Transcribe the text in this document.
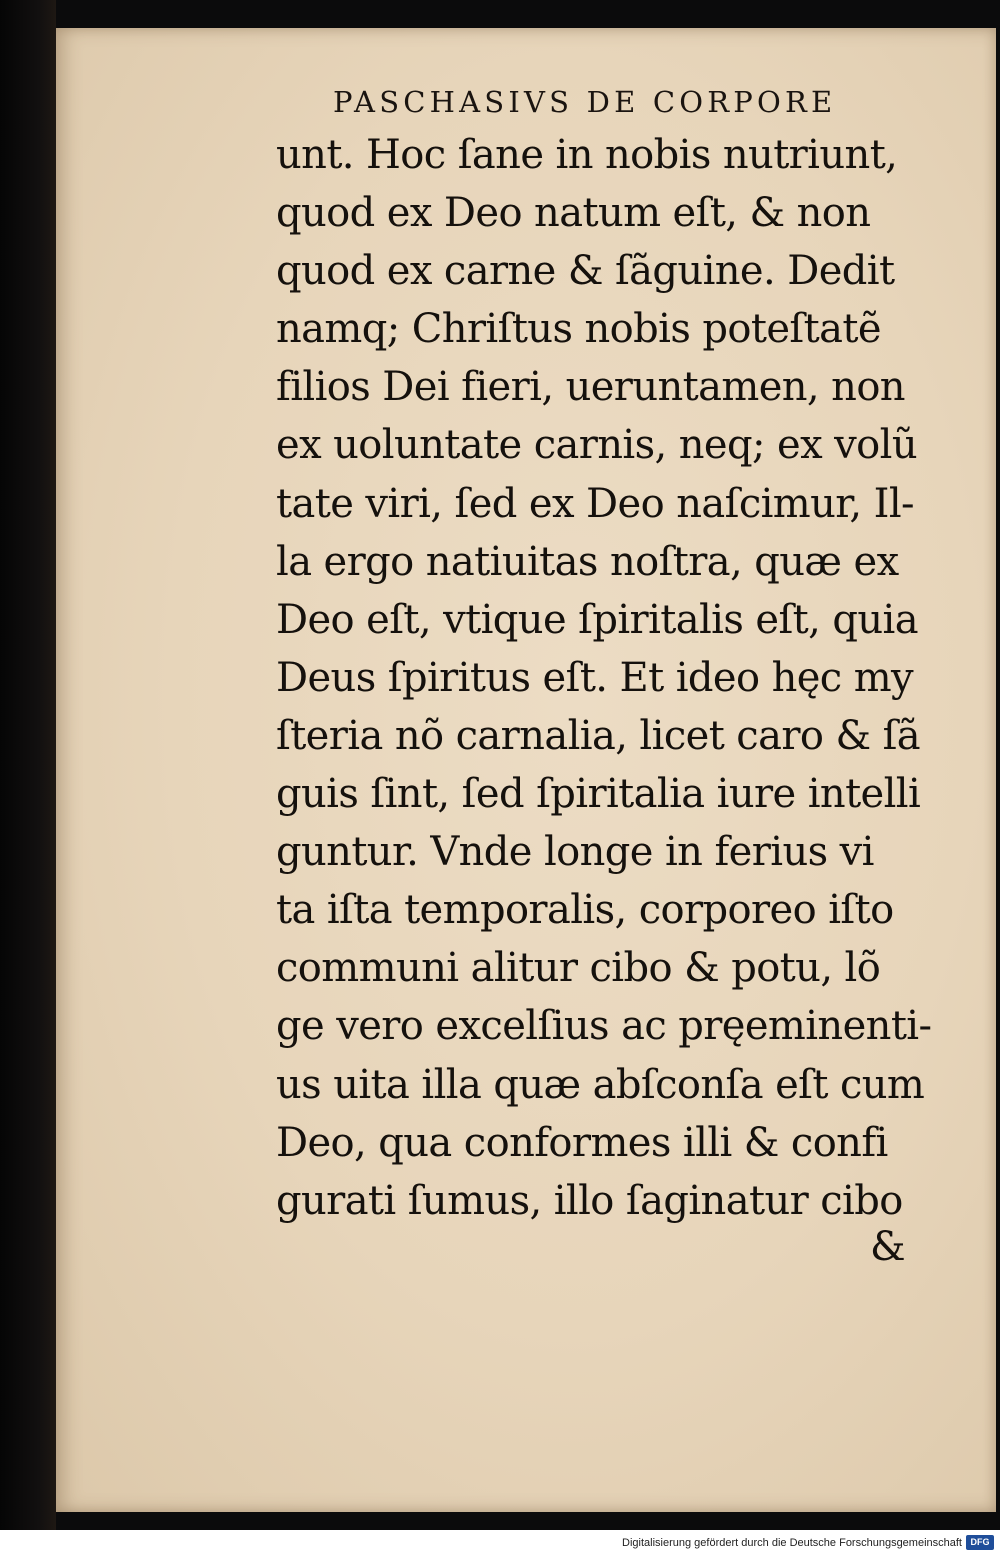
PASCHASIVS DE CORPORE

unt. Hoc ſane in nobis nutriunt,
quod ex Deo natum eſt, & non
quod ex carne & ſãguine. Dedit
namq; Chriſtus nobis poteſtatẽ
filios Dei fieri, ueruntamen, non
ex uoluntate carnis, neq; ex volũ
tate viri, ſed ex Deo naſcimur, Il-
la ergo natiuitas noſtra, quæ ex
Deo eſt, vtique ſpiritalis eſt, quia
Deus ſpiritus eſt. Et ideo hęc my
ſteria nõ carnalia, licet caro & ſã
guis ſint, ſed ſpiritalia iure intelli
guntur. Vnde longe in ferius vi
ta iſta temporalis, corporeo iſto
communi alitur cibo & potu, lõ
ge vero excelſius ac pręeminenti-
us uita illa quæ abſconſa eſt cum
Deo, qua conformes illi & confi
gurati ſumus, illo ſaginatur cibo

&

Digitalisierung gefördert durch die Deutsche Forschungsgemeinschaft DFG
